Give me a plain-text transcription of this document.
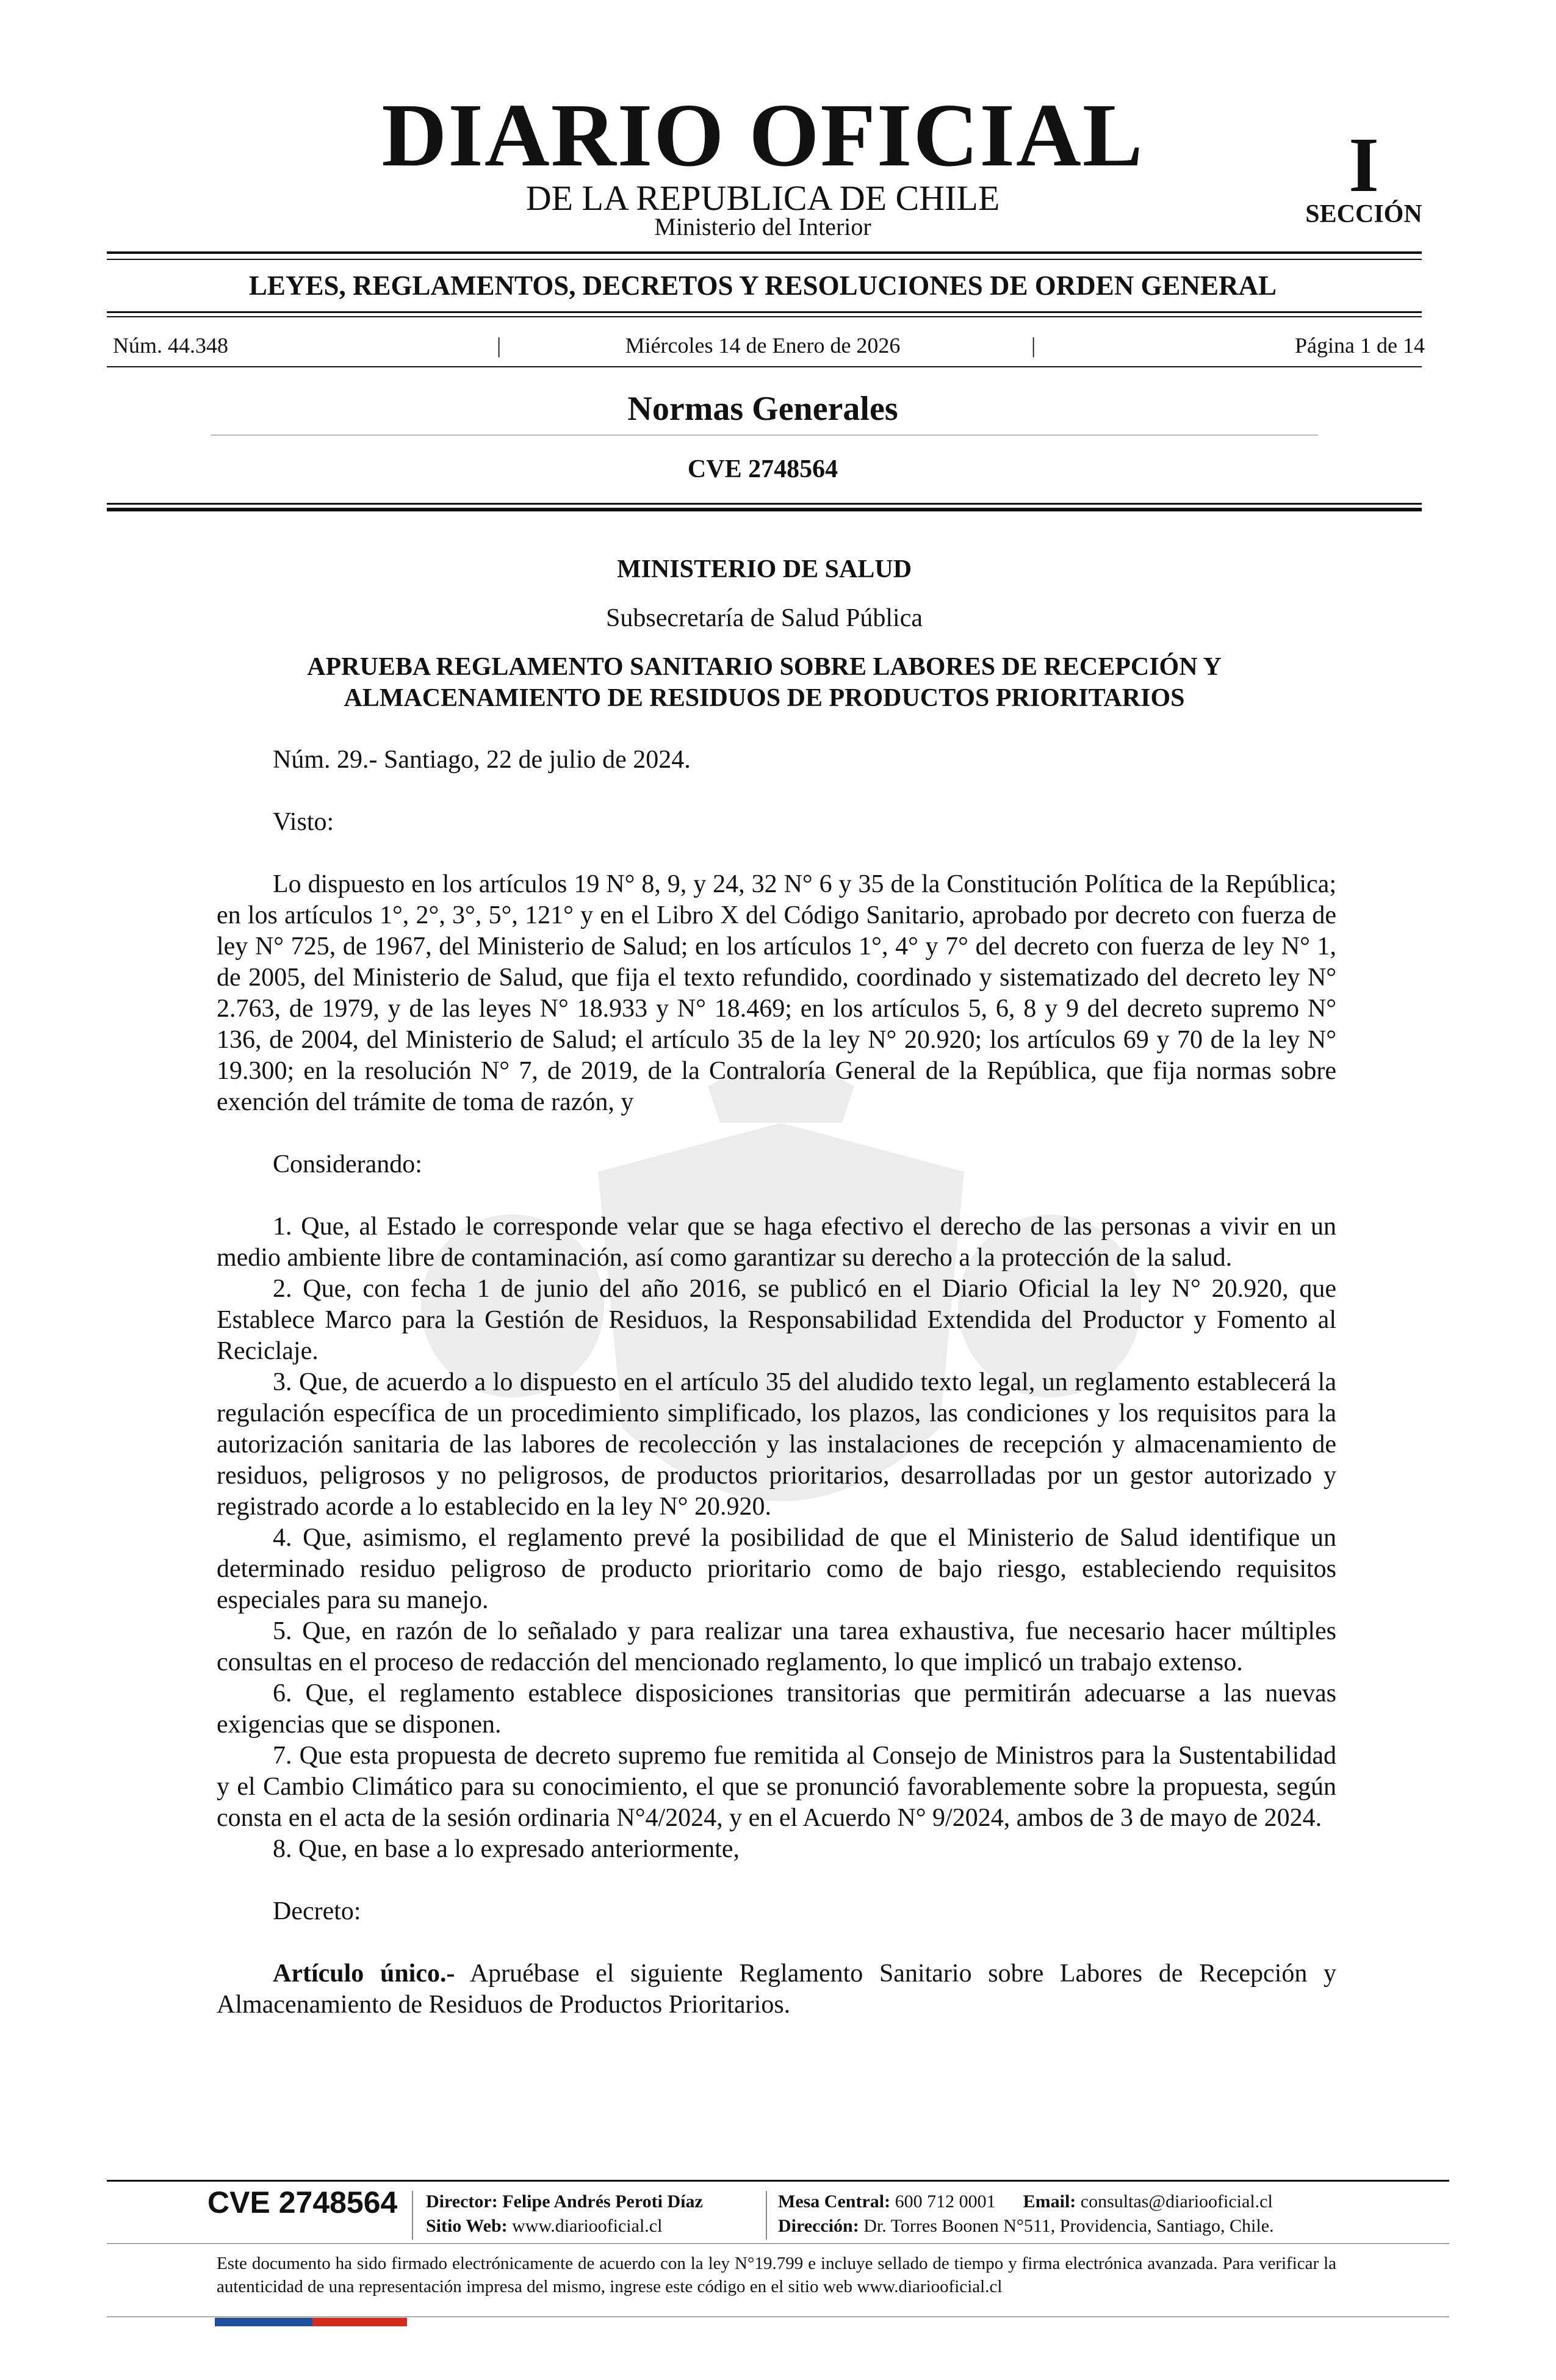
DIARIO OFICIAL
DE LA REPUBLICA DE CHILE
Ministerio del Interior
I
SECCIÓN
LEYES, REGLAMENTOS, DECRETOS Y RESOLUCIONES DE ORDEN GENERAL
Núm. 44.348	|	Miércoles 14 de Enero de 2026	|	Página 1 de 14
Normas Generales
CVE 2748564
MINISTERIO DE SALUD
Subsecretaría de Salud Pública
APRUEBA REGLAMENTO SANITARIO SOBRE LABORES DE RECEPCIÓN Y
ALMACENAMIENTO DE RESIDUOS DE PRODUCTOS PRIORITARIOS

Núm. 29.- Santiago, 22 de julio de 2024.

Visto:

Lo dispuesto en los artículos 19 N° 8, 9, y 24, 32 N° 6 y 35 de la Constitución Política de la República; en los artículos 1°, 2°, 3°, 5°, 121° y en el Libro X del Código Sanitario, aprobado por decreto con fuerza de ley N° 725, de 1967, del Ministerio de Salud; en los artículos 1°, 4° y 7° del decreto con fuerza de ley N° 1, de 2005, del Ministerio de Salud, que fija el texto refundido, coordinado y sistematizado del decreto ley N° 2.763, de 1979, y de las leyes N° 18.933 y N° 18.469; en los artículos 5, 6, 8 y 9 del decreto supremo N° 136, de 2004, del Ministerio de Salud; el artículo 35 de la ley N° 20.920; los artículos 69 y 70 de la ley N° 19.300; en la resolución N° 7, de 2019, de la Contraloría General de la República, que fija normas sobre exención del trámite de toma de razón, y

Considerando:

1. Que, al Estado le corresponde velar que se haga efectivo el derecho de las personas a vivir en un medio ambiente libre de contaminación, así como garantizar su derecho a la protección de la salud.

2. Que, con fecha 1 de junio del año 2016, se publicó en el Diario Oficial la ley N° 20.920, que Establece Marco para la Gestión de Residuos, la Responsabilidad Extendida del Productor y Fomento al Reciclaje.

3. Que, de acuerdo a lo dispuesto en el artículo 35 del aludido texto legal, un reglamento establecerá la regulación específica de un procedimiento simplificado, los plazos, las condiciones y los requisitos para la autorización sanitaria de las labores de recolección y las instalaciones de recepción y almacenamiento de residuos, peligrosos y no peligrosos, de productos prioritarios, desarrolladas por un gestor autorizado y registrado acorde a lo establecido en la ley N° 20.920.

4. Que, asimismo, el reglamento prevé la posibilidad de que el Ministerio de Salud identifique un determinado residuo peligroso de producto prioritario como de bajo riesgo, estableciendo requisitos especiales para su manejo.

5. Que, en razón de lo señalado y para realizar una tarea exhaustiva, fue necesario hacer múltiples consultas en el proceso de redacción del mencionado reglamento, lo que implicó un trabajo extenso.

6. Que, el reglamento establece disposiciones transitorias que permitirán adecuarse a las nuevas exigencias que se disponen.

7. Que esta propuesta de decreto supremo fue remitida al Consejo de Ministros para la Sustentabilidad y el Cambio Climático para su conocimiento, el que se pronunció favorablemente sobre la propuesta, según consta en el acta de la sesión ordinaria N°4/2024, y en el Acuerdo N° 9/2024, ambos de 3 de mayo de 2024.

8. Que, en base a lo expresado anteriormente,

Decreto:

Artículo único.- Apruébase el siguiente Reglamento Sanitario sobre Labores de Recepción y Almacenamiento de Residuos de Productos Prioritarios.

CVE 2748564 Director: Felipe Andrés Peroti Díaz
Sitio Web: www.diariooficial.cl
Mesa Central: 600 712 0001 Email: consultas@diariooficial.cl
Dirección: Dr. Torres Boonen N°511, Providencia, Santiago, Chile.
Este documento ha sido firmado electrónicamente de acuerdo con la ley N°19.799 e incluye sellado de tiempo y firma electrónica avanzada. Para verificar la autenticidad de una representación impresa del mismo, ingrese este código en el sitio web www.diariooficial.cl
